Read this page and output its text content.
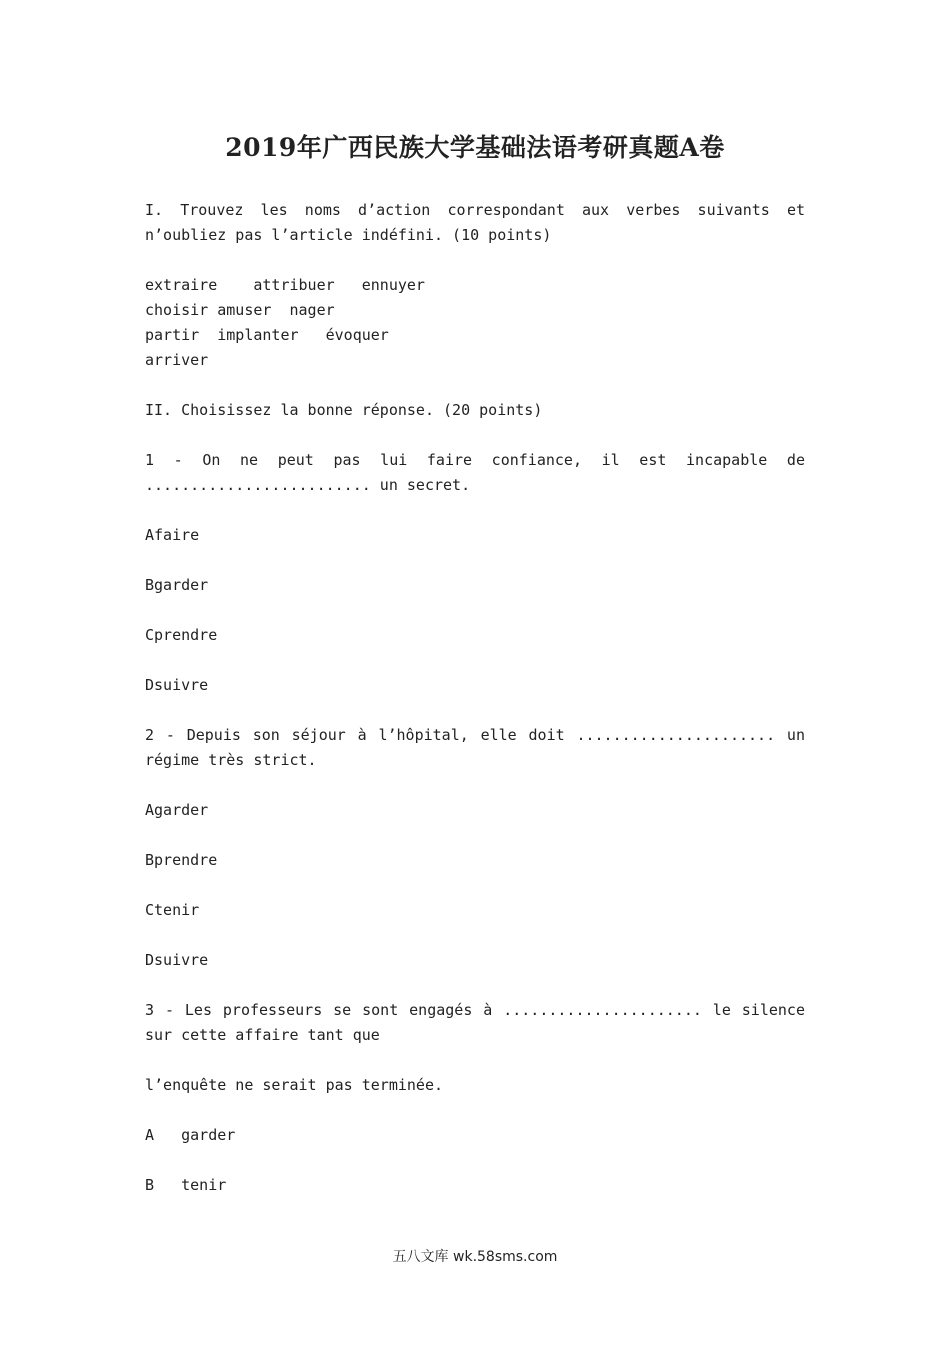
2019年广西民族大学基础法语考研真题A卷

I. Trouvez les noms d’action correspondant aux verbes suivants et n’oubliez pas l’article indéfini. (10 points)

extraire    attribuer   ennuyer

choisir amuser  nager

partir  implanter   évoquer

arriver

II. Choisissez la bonne réponse. (20 points)

1 - On ne peut pas lui faire confiance, il est incapable de ......................... un secret.

Afaire

Bgarder

Cprendre

Dsuivre

2 - Depuis son séjour à l’hôpital, elle doit ...................... un régime très strict.

Agarder

Bprendre

Ctenir

Dsuivre

3 - Les professeurs se sont engagés à ...................... le silence sur cette affaire tant que

l’enquête ne serait pas terminée.

A   garder

B   tenir

五八文库 wk.58sms.com
